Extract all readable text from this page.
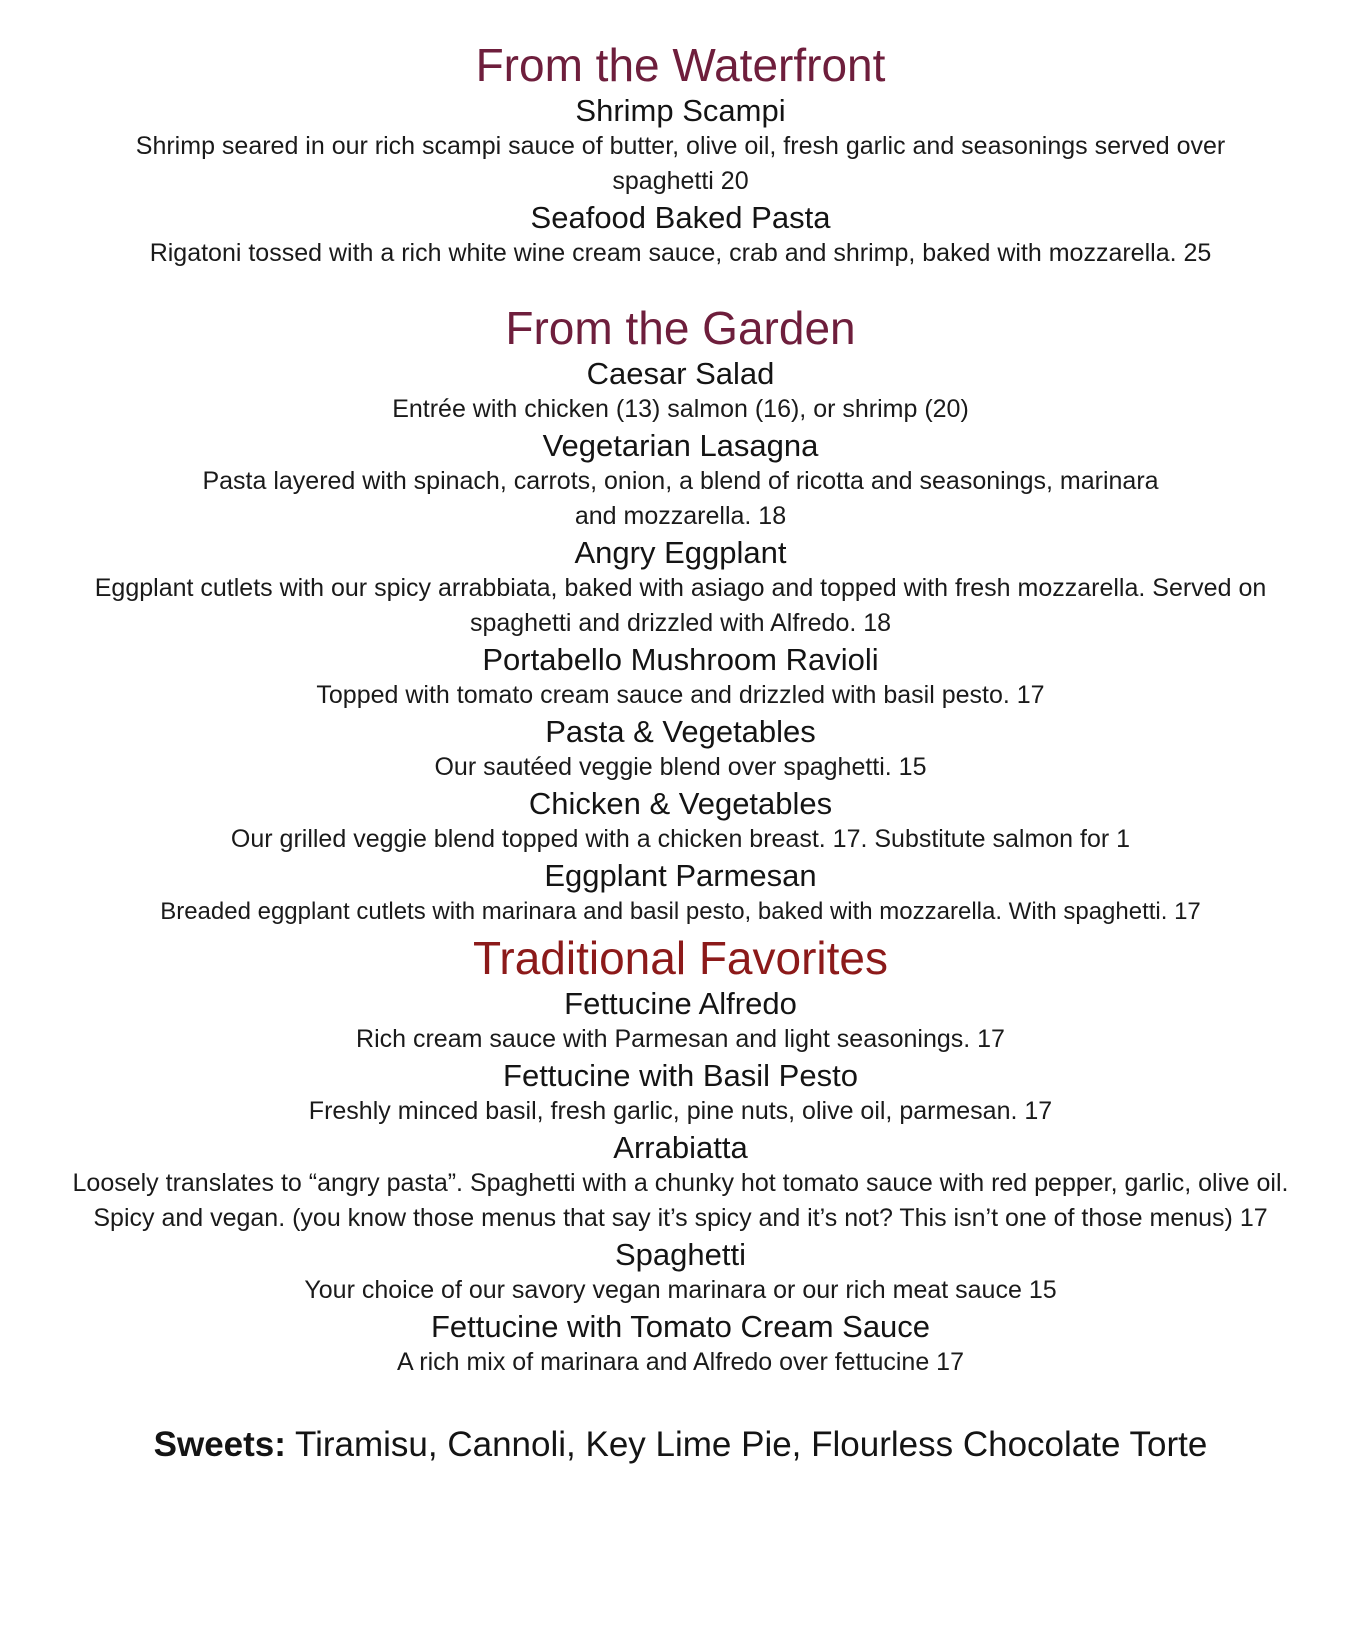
From the Waterfront

Shrimp Scampi

Shrimp seared in our rich scampi sauce of butter, olive oil, fresh garlic and seasonings served over spaghetti 20

Seafood Baked Pasta

Rigatoni tossed with a rich white wine cream sauce, crab and shrimp, baked with mozzarella. 25

From the Garden

Caesar Salad

Entrée with chicken (13) salmon (16), or shrimp (20)

Vegetarian Lasagna

Pasta layered with spinach, carrots, onion, a blend of ricotta and seasonings, marinara and mozzarella. 18

Angry Eggplant

Eggplant cutlets with our spicy arrabbiata, baked with asiago and topped with fresh mozzarella. Served on spaghetti and drizzled with Alfredo. 18

Portabello Mushroom Ravioli

Topped with tomato cream sauce and drizzled with basil pesto. 17

Pasta & Vegetables

Our sautéed veggie blend over spaghetti. 15

Chicken & Vegetables

Our grilled veggie blend topped with a chicken breast. 17. Substitute salmon for 1

Eggplant Parmesan

Breaded eggplant cutlets with marinara and basil pesto, baked with mozzarella. With spaghetti. 17

Traditional Favorites

Fettucine Alfredo

Rich cream sauce with Parmesan and light seasonings. 17

Fettucine with Basil Pesto

Freshly minced basil, fresh garlic, pine nuts, olive oil, parmesan. 17

Arrabiatta

Loosely translates to “angry pasta”. Spaghetti with a chunky hot tomato sauce with red pepper, garlic, olive oil. Spicy and vegan. (you know those menus that say it’s spicy and it’s not? This isn’t one of those menus) 17

Spaghetti

Your choice of our savory vegan marinara or our rich meat sauce 15

Fettucine with Tomato Cream Sauce

A rich mix of marinara and Alfredo over fettucine 17

Sweets: Tiramisu, Cannoli, Key Lime Pie, Flourless Chocolate Torte
